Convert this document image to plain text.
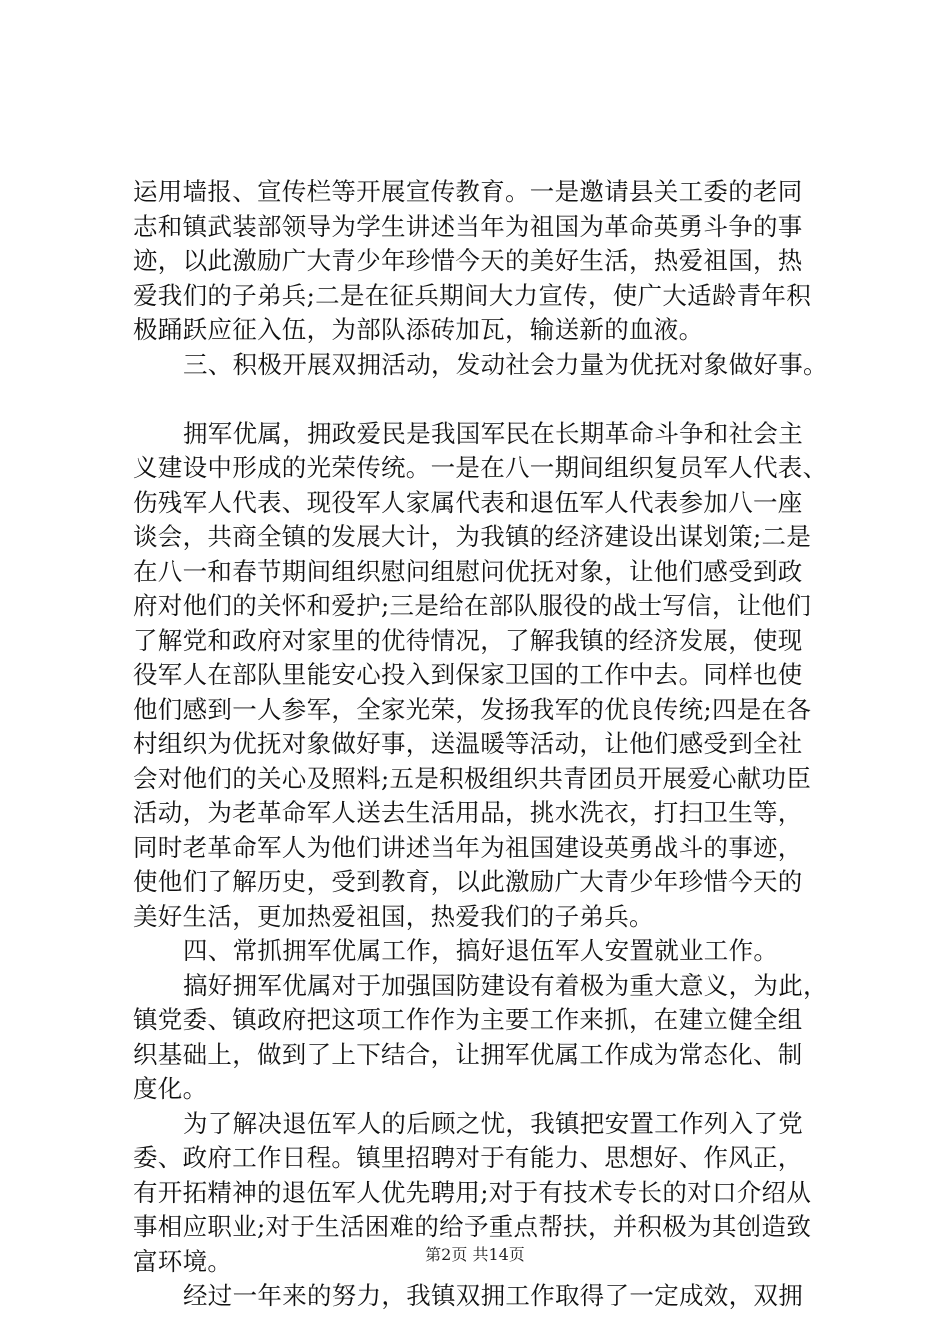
运用墙报、宣传栏等开展宣传教育。一是邀请县关工委的老同
志和镇武装部领导为学生讲述当年为祖国为革命英勇斗争的事
迹，以此激励广大青少年珍惜今天的美好生活，热爱祖国，热
爱我们的子弟兵;二是在征兵期间大力宣传，使广大适龄青年积
极踊跃应征入伍，为部队添砖加瓦，输送新的血液。
三、积极开展双拥活动，发动社会力量为优抚对象做好事。
拥军优属，拥政爱民是我国军民在长期革命斗争和社会主
义建设中形成的光荣传统。一是在八一期间组织复员军人代表、
伤残军人代表、现役军人家属代表和退伍军人代表参加八一座
谈会，共商全镇的发展大计，为我镇的经济建设出谋划策;二是
在八一和春节期间组织慰问组慰问优抚对象，让他们感受到政
府对他们的关怀和爱护;三是给在部队服役的战士写信，让他们
了解党和政府对家里的优待情况，了解我镇的经济发展，使现
役军人在部队里能安心投入到保家卫国的工作中去。同样也使
他们感到一人参军，全家光荣，发扬我军的优良传统;四是在各
村组织为优抚对象做好事，送温暖等活动，让他们感受到全社
会对他们的关心及照料;五是积极组织共青团员开展爱心献功臣
活动，为老革命军人送去生活用品，挑水洗衣，打扫卫生等，
同时老革命军人为他们讲述当年为祖国建设英勇战斗的事迹，
使他们了解历史，受到教育，以此激励广大青少年珍惜今天的
美好生活，更加热爱祖国，热爱我们的子弟兵。
四、常抓拥军优属工作，搞好退伍军人安置就业工作。
搞好拥军优属对于加强国防建设有着极为重大意义，为此，
镇党委、镇政府把这项工作作为主要工作来抓，在建立健全组
织基础上，做到了上下结合，让拥军优属工作成为常态化、制
度化。
为了解决退伍军人的后顾之忧，我镇把安置工作列入了党
委、政府工作日程。镇里招聘对于有能力、思想好、作风正，
有开拓精神的退伍军人优先聘用;对于有技术专长的对口介绍从
事相应职业;对于生活困难的给予重点帮扶，并积极为其创造致
富环境。
经过一年来的努力，我镇双拥工作取得了一定成效，双拥
第2页 共14页
